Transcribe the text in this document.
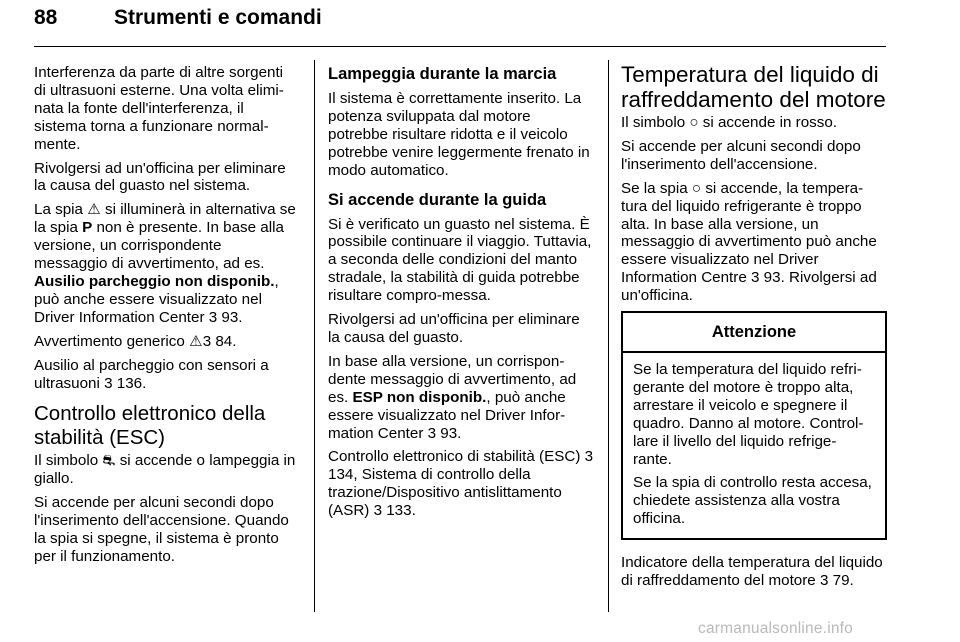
88	Strumenti e comandi

Interferenza da parte di altre sorgenti di ultrasuoni esterne. Una volta elimi-nata la fonte dell'interferenza, il sistema torna a funzionare normal-mente.

Rivolgersi ad un'officina per eliminare la causa del guasto nel sistema.

La spia ⚠ si illuminerà in alternativa se la spia P non è presente. In base alla versione, un corrispondente messaggio di avvertimento, ad es. Ausilio parcheggio non disponib., può anche essere visualizzato nel Driver Information Center 3 93.

Avvertimento generico ⚠3 84.

Ausilio al parcheggio con sensori a ultrasuoni 3 136.

Controllo elettronico della stabilità (ESC)

Il simbolo ⛐ si accende o lampeggia in giallo.

Si accende per alcuni secondi dopo l'inserimento dell'accensione. Quando la spia si spegne, il sistema è pronto per il funzionamento.

Lampeggia durante la marcia

Il sistema è correttamente inserito. La potenza sviluppata dal motore potrebbe risultare ridotta e il veicolo potrebbe venire leggermente frenato in modo automatico.

Si accende durante la guida

Si è verificato un guasto nel sistema. È possibile continuare il viaggio. Tuttavia, a seconda delle condizioni del manto stradale, la stabilità di guida potrebbe risultare compro-messa.

Rivolgersi ad un'officina per eliminare la causa del guasto.

In base alla versione, un corrispon-dente messaggio di avvertimento, ad es. ESP non disponib., può anche essere visualizzato nel Driver Infor-mation Center 3 93.

Controllo elettronico di stabilità (ESC) 3 134, Sistema di controllo della trazione/Dispositivo antislittamento (ASR) 3 133.

Temperatura del liquido di raffreddamento del motore

Il simbolo ○ si accende in rosso.

Si accende per alcuni secondi dopo l'inserimento dell'accensione.

Se la spia ○ si accende, la tempera-tura del liquido refrigerante è troppo alta. In base alla versione, un messaggio di avvertimento può anche essere visualizzato nel Driver Information Centre 3 93. Rivolgersi ad un'officina.

Attenzione

Se la temperatura del liquido refri-gerante del motore è troppo alta, arrestare il veicolo e spegnere il quadro. Danno al motore. Control-lare il livello del liquido refrige-rante.

Se la spia di controllo resta accesa, chiedete assistenza alla vostra officina.

Indicatore della temperatura del liquido di raffreddamento del motore 3 79.

carmanualsonline.info
